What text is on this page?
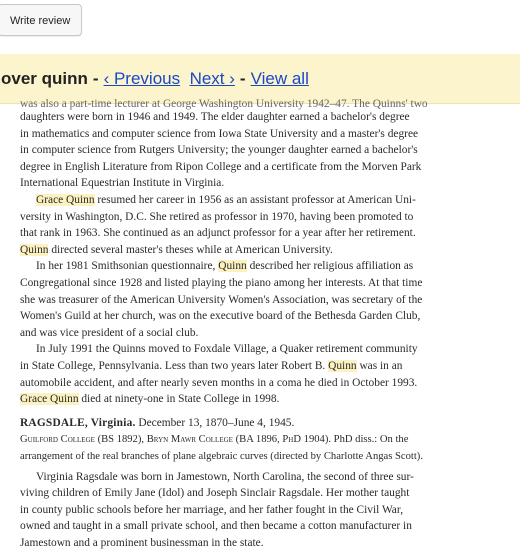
Write review
over quinn - ‹ Previous Next › - View all
was also a part-time lecturer at George Washington University 1942–47. The Quinns' two
daughters were born in 1946 and 1949. The elder daughter earned a bachelor's degree
in mathematics and computer science from Iowa State University and a master's degree
in computer science from Rutgers University; the younger daughter earned a bachelor's
degree in English Literature from Ripon College and a certificate from the Morven Park
International Equestrian Institute in Virginia.
Grace Quinn resumed her career in 1956 as an assistant professor at American Uni-
versity in Washington, D.C. She retired as professor in 1970, having been promoted to
that rank in 1963. She continued as an adjunct professor for a year after her retirement.
Quinn directed several master's theses while at American University.
In her 1981 Smithsonian questionnaire, Quinn described her religious affiliation as
Congregational since 1928 and listed playing the piano among her interests. At that time
she was treasurer of the American University Women's Association, was secretary of the
Women's Guild at her church, was on the executive board of the Bethesda Garden Club,
and was vice president of a social club.
In July 1991 the Quinns moved to Foxdale Village, a Quaker retirement community
in State College, Pennsylvania. Less than two years later Robert B. Quinn was in an
automobile accident, and after nearly seven months in a coma he died in October 1993.
Grace Quinn died at ninety-one in State College in 1998.
RAGSDALE, Virginia. December 13, 1870–June 4, 1945.
Guilford College (BS 1892), Bryn Mawr College (BA 1896, PhD 1904). PhD diss.: On the
arrangement of the real branches of plane algebraic curves (directed by Charlotte Angas Scott).
Virginia Ragsdale was born in Jamestown, North Carolina, the second of three sur-
viving children of Emily Jane (Idol) and Joseph Sinclair Ragsdale. Her mother taught
in county public schools before her marriage, and her father fought in the Civil War,
owned and taught in a small private school, and then became a cotton manufacturer in
Jamestown and a prominent businessman in the state.
